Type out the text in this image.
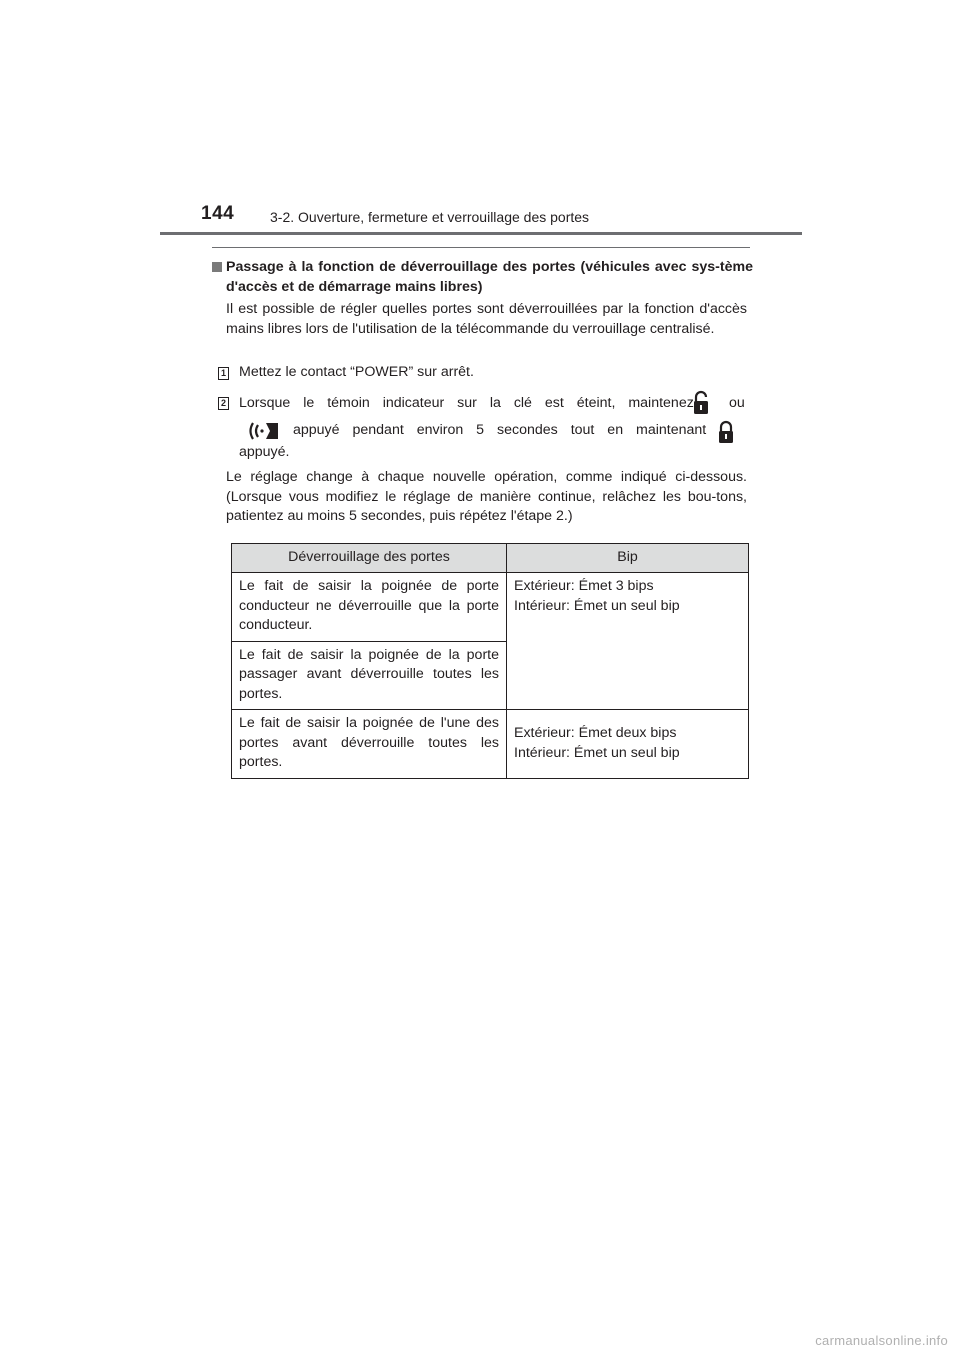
144	3-2. Ouverture, fermeture et verrouillage des portes
Passage à la fonction de déverrouillage des portes (véhicules avec sys-tème d'accès et de démarrage mains libres)
Il est possible de régler quelles portes sont déverrouillées par la fonction d'accès mains libres lors de l'utilisation de la télécommande du verrouillage centralisé.
1 Mettez le contact “POWER” sur arrêt.
2 Lorsque le témoin indicateur sur la clé est éteint, maintenez ou
appuyé pendant environ 5 secondes tout en maintenant
appuyé.
Le réglage change à chaque nouvelle opération, comme indiqué ci-dessous. (Lorsque vous modifiez le réglage de manière continue, relâchez les bou-tons, patientez au moins 5 secondes, puis répétez l'étape 2.)
Déverrouillage des portes	Bip
Le fait de saisir la poignée de porte conducteur ne déverrouille que la porte conducteur.	Extérieur: Émet 3 bips
Intérieur: Émet un seul bip

Le fait de saisir la poignée de la porte passager avant déverrouille toutes les portes.	
Le fait de saisir la poignée de l'une des portes avant déverrouille toutes les portes.	Extérieur: Émet deux bips
Intérieur: Émet un seul bip
carmanualsonline.info
